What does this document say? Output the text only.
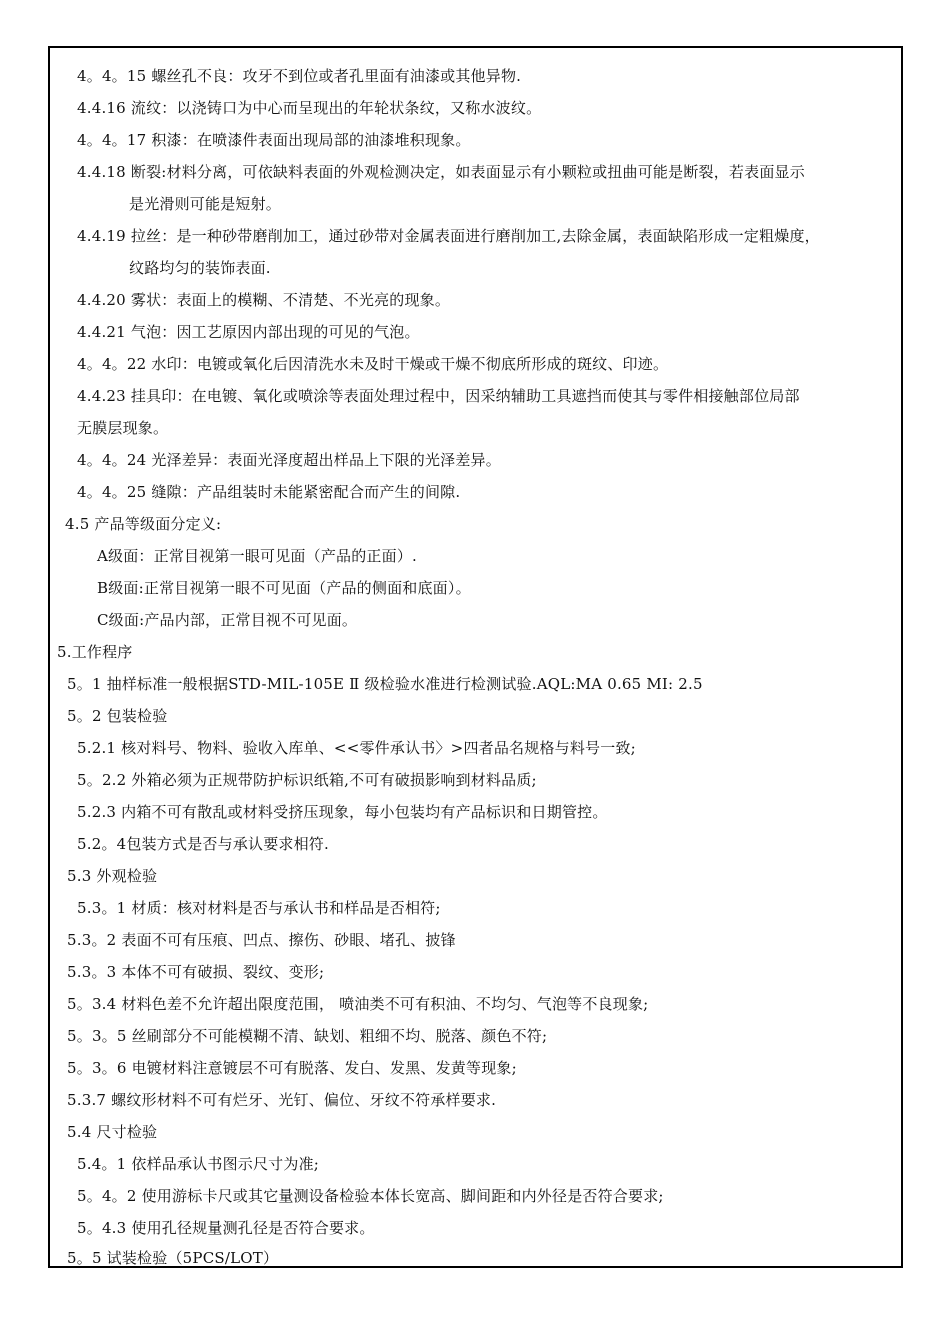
4。4。15 螺丝孔不良：攻牙不到位或者孔里面有油漆或其他异物.
4.4.16 流纹：以浇铸口为中心而呈现出的年轮状条纹，又称水波纹。
4。4。17 积漆：在喷漆件表面出现局部的油漆堆积现象。
4.4.18 断裂:材料分离，可依缺料表面的外观检测决定，如表面显示有小颗粒或扭曲可能是断裂，若表面显示
是光滑则可能是短射。
4.4.19 拉丝：是一种砂带磨削加工，通过砂带对金属表面进行磨削加工,去除金属，表面缺陷形成一定粗燥度，
纹路均匀的装饰表面.
4.4.20 雾状：表面上的模糊、不清楚、不光亮的现象。
4.4.21 气泡：因工艺原因内部出现的可见的气泡。
4。4。22 水印：电镀或氧化后因清洗水未及时干燥或干燥不彻底所形成的斑纹、印迹。
4.4.23 挂具印：在电镀、氧化或喷涂等表面处理过程中，因采纳辅助工具遮挡而使其与零件相接触部位局部
无膜层现象。
4。4。24 光泽差异：表面光泽度超出样品上下限的光泽差异。
4。4。25 缝隙：产品组装时未能紧密配合而产生的间隙.
4.5 产品等级面分定义:
A级面：正常目视第一眼可见面（产品的正面）.
B级面:正常目视第一眼不可见面（产品的侧面和底面）。
C级面:产品内部，正常目视不可见面。
5.工作程序
5。1 抽样标准一般根据STD-MIL-105E Ⅱ 级检验水准进行检测试验.AQL:MA 0.65 MI: 2.5
5。2 包装检验
5.2.1 核对料号、物料、验收入库单、<<零件承认书〉>四者品名规格与料号一致;
5。2.2 外箱必须为正规带防护标识纸箱,不可有破损影响到材料品质;
5.2.3 内箱不可有散乱或材料受挤压现象，每小包装均有产品标识和日期管控。
5.2。4包装方式是否与承认要求相符.
5.3 外观检验
5.3。1 材质：核对材料是否与承认书和样品是否相符;
5.3。2 表面不可有压痕、凹点、擦伤、砂眼、堵孔、披锋
5.3。3 本体不可有破损、裂纹、变形;
5。3.4 材料色差不允许超出限度范围， 喷油类不可有积油、不均匀、气泡等不良现象;
5。3。5 丝刷部分不可能模糊不清、缺划、粗细不均、脱落、颜色不符;
5。3。6 电镀材料注意镀层不可有脱落、发白、发黑、发黄等现象;
5.3.7 螺纹形材料不可有烂牙、光钉、偏位、牙纹不符承样要求.
5.4 尺寸检验
5.4。1 依样品承认书图示尺寸为准;
5。4。2 使用游标卡尺或其它量测设备检验本体长宽高、脚间距和内外径是否符合要求;
5。4.3 使用孔径规量测孔径是否符合要求。
5。5 试装检验（5PCS/LOT）
